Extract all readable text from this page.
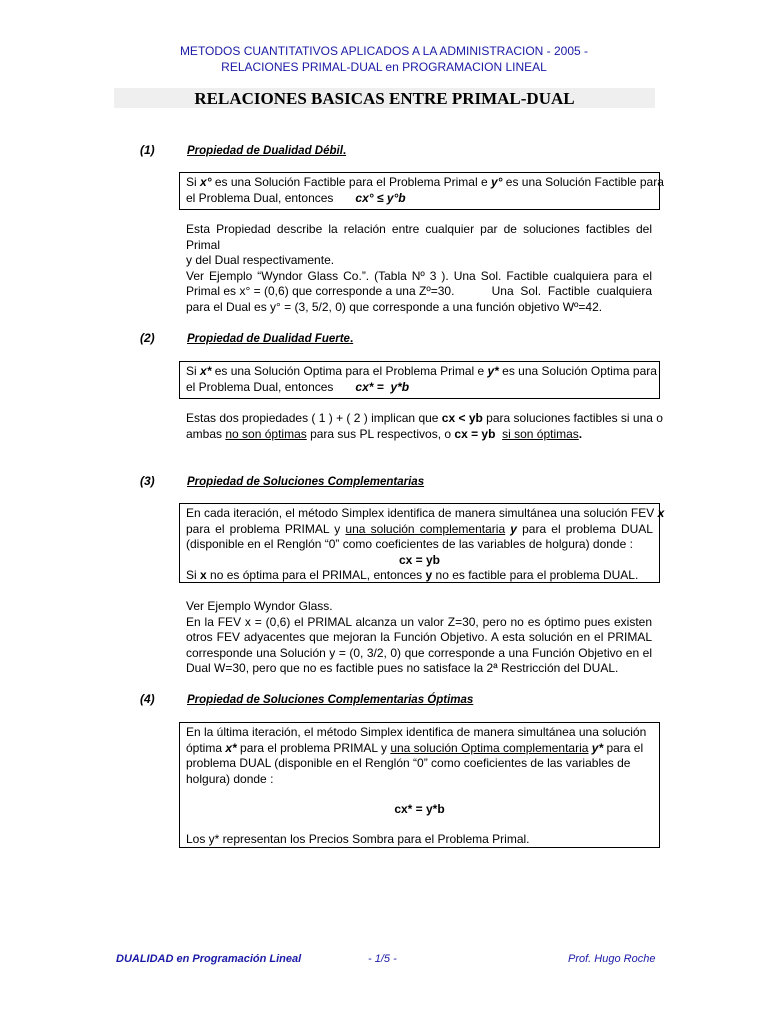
METODOS CUANTITATIVOS APLICADOS A LA ADMINISTRACION - 2005 -
RELACIONES PRIMAL-DUAL en PROGRAMACION LINEAL
RELACIONES BASICAS ENTRE PRIMAL-DUAL
(1)	Propiedad de Dualidad Débil.
Si x° es una Solución Factible para el Problema Primal e y° es una Solución Factible para
el Problema Dual, entonces cx° ≤ y°b
Esta Propiedad describe la relación entre cualquier par de soluciones factibles del Primal
y del Dual respectivamente.
Ver Ejemplo “Wyndor Glass Co.”. (Tabla Nº 3 ). Una Sol. Factible cualquiera para el
Primal es x° = (0,6) que corresponde a una Zº=30.           Una  Sol.  Factible  cualquiera
para el Dual es y° = (3, 5/2, 0) que corresponde a una función objetivo Wº=42.
(2)	Propiedad de Dualidad Fuerte.
Si x* es una Solución Optima para el Problema Primal e y* es una Solución Optima para
el Problema Dual, entonces cx* =  y*b
Estas dos propiedades ( 1 ) + ( 2 ) implican que cx < yb para soluciones factibles si una o
ambas no son óptimas para sus PL respectivos, o cx = yb si son óptimas.
(3)	Propiedad de Soluciones Complementarias
En cada iteración, el método Simplex identifica de manera simultánea una solución FEV x
para el problema PRIMAL y una solución complementaria y para el problema DUAL
(disponible en el Renglón “0” como coeficientes de las variables de holgura) donde :
cx = yb
Si x no es óptima para el PRIMAL, entonces y no es factible para el problema DUAL.
Ver Ejemplo Wyndor Glass.
En la FEV x = (0,6) el PRIMAL alcanza un valor Z=30, pero no es óptimo pues existen
otros FEV adyacentes que mejoran la Función Objetivo. A esta solución en el PRIMAL
corresponde una Solución y = (0, 3/2, 0) que corresponde a una Función Objetivo en el
Dual W=30, pero que no es factible pues no satisface la 2ª Restricción del DUAL.
(4)	Propiedad de Soluciones Complementarias Óptimas
En la última iteración, el método Simplex identifica de manera simultánea una solución
óptima x* para el problema PRIMAL y una solución Optima complementaria y* para el
problema DUAL (disponible en el Renglón “0” como coeficientes de las variables de
holgura) donde :
cx* = y*b
Los y* representan los Precios Sombra para el Problema Primal.
DUALIDAD en Programación Lineal	- 1/5 -	Prof. Hugo Roche
